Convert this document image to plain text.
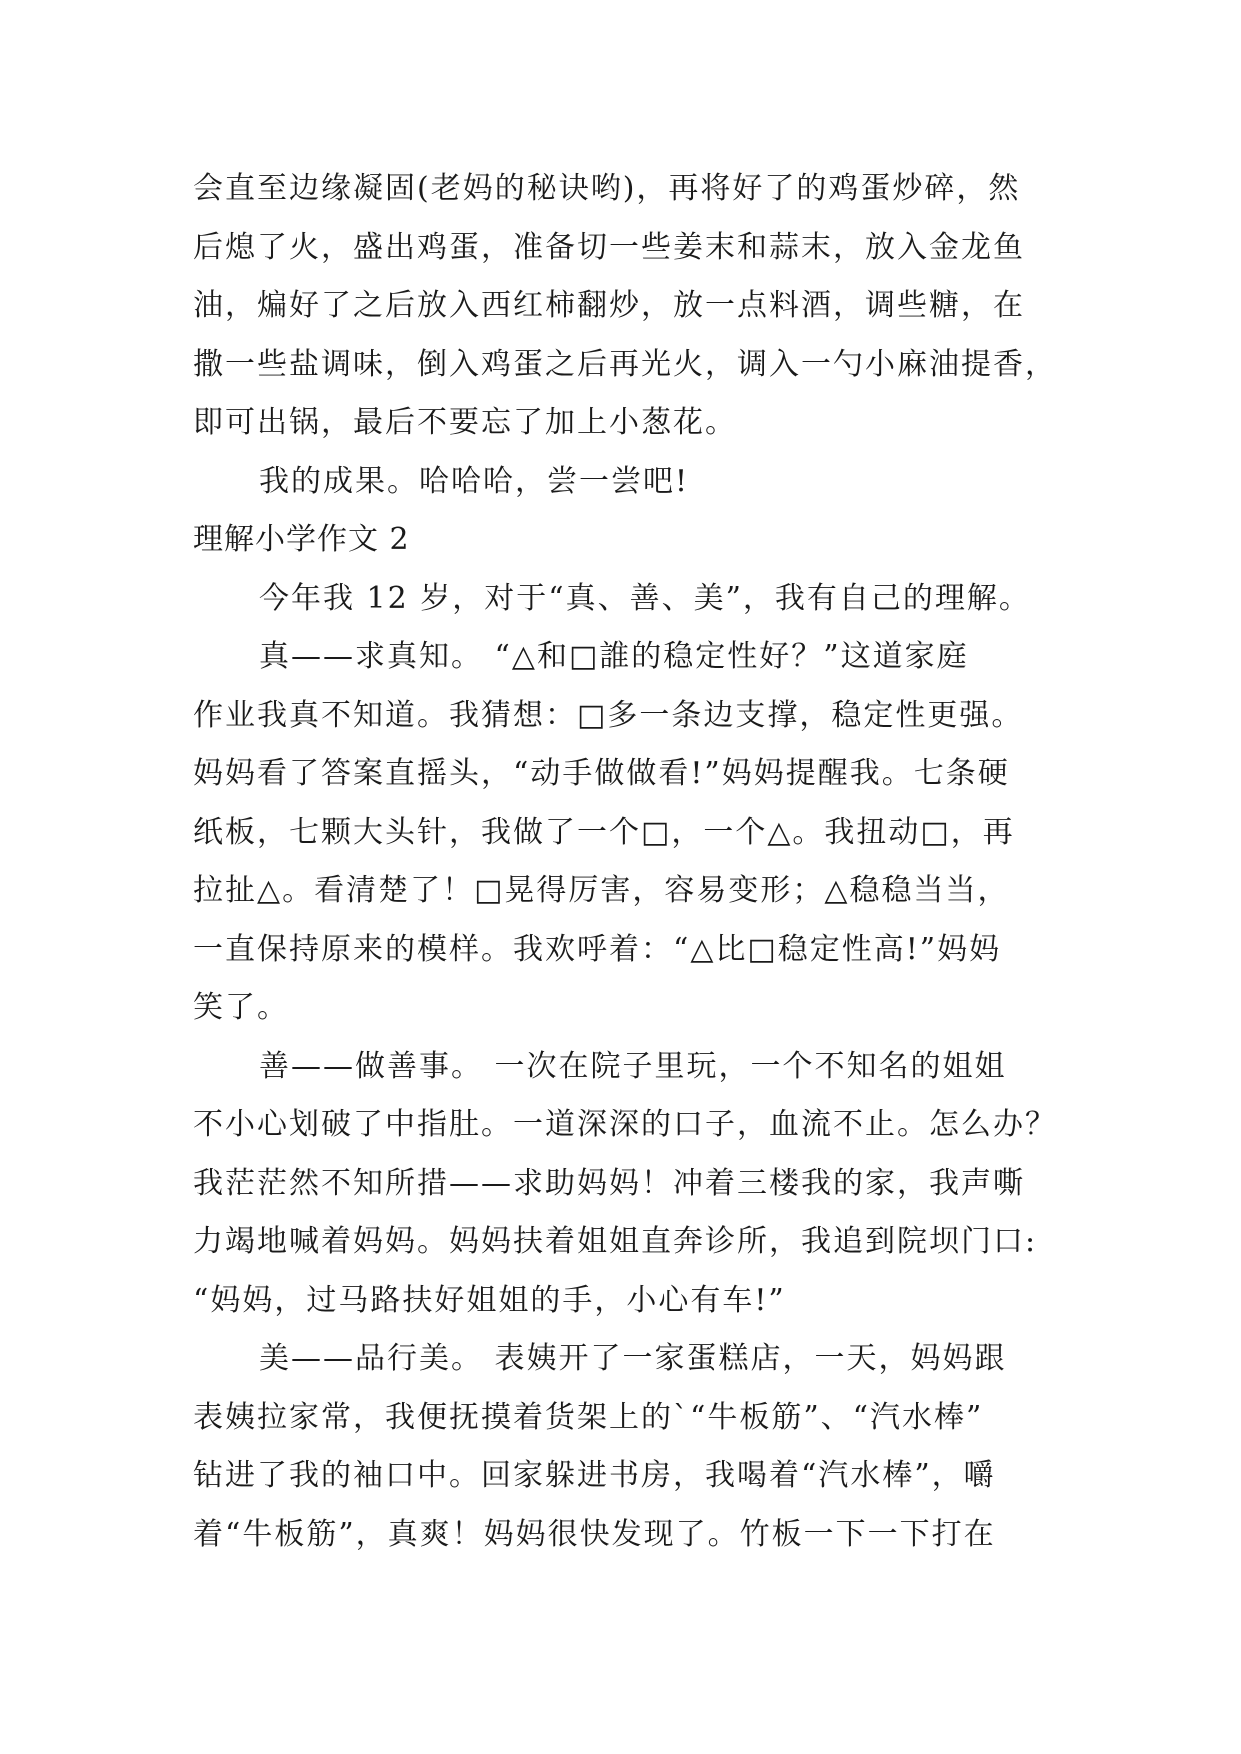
会直至边缘凝固(老妈的秘诀哟)，再将好了的鸡蛋炒碎，然
后熄了火，盛出鸡蛋，准备切一些姜末和蒜末，放入金龙鱼
油，煸好了之后放入西红柿翻炒，放一点料酒，调些糖，在
撒一些盐调味，倒入鸡蛋之后再光火，调入一勺小麻油提香，
即可出锅，最后不要忘了加上小葱花。
我的成果。哈哈哈，尝一尝吧!
理解小学作文 2
今年我 12 岁，对于“真、善、美”，我有自己的理解。
真——求真知。 “△和□誰的稳定性好？”这道家庭
作业我真不知道。我猜想：□多一条边支撑，稳定性更强。
妈妈看了答案直摇头，“动手做做看!”妈妈提醒我。七条硬
纸板，七颗大头针，我做了一个□，一个△。我扭动□，再
拉扯△。看清楚了！□晃得厉害，容易变形；△稳稳当当，
一直保持原来的模样。我欢呼着：“△比□稳定性高!”妈妈
笑了。
善——做善事。 一次在院子里玩，一个不知名的姐姐
不小心划破了中指肚。一道深深的口子，血流不止。怎么办？
我茫茫然不知所措——求助妈妈！冲着三楼我的家，我声嘶
力竭地喊着妈妈。妈妈扶着姐姐直奔诊所，我追到院坝门口:
“妈妈，过马路扶好姐姐的手，小心有车!”
美——品行美。 表姨开了一家蛋糕店，一天，妈妈跟
表姨拉家常，我便抚摸着货架上的`“牛板筋”、“汽水棒”
钻进了我的袖口中。回家躲进书房，我喝着“汽水棒”，嚼
着“牛板筋”，真爽！妈妈很快发现了。竹板一下一下打在
